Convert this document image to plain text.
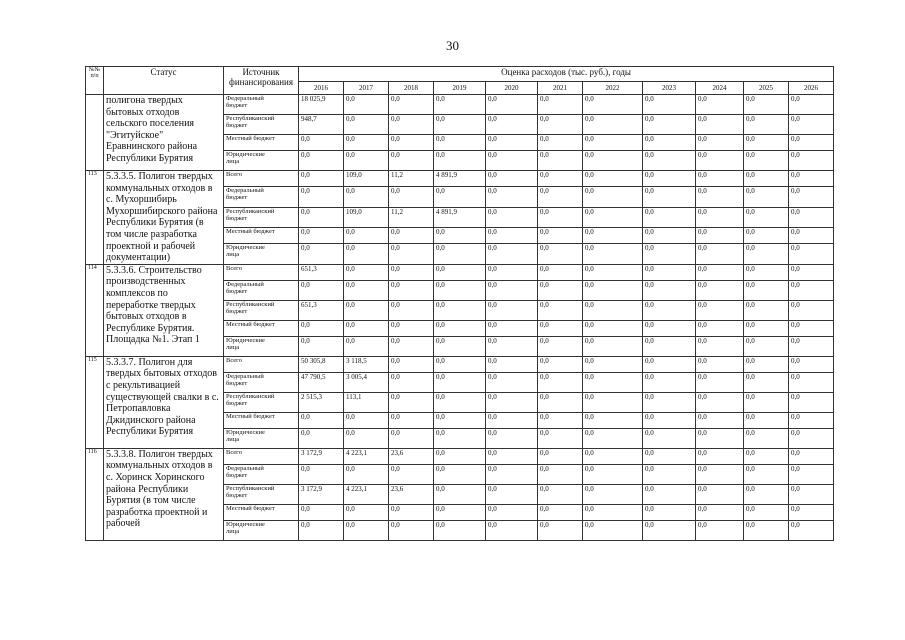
30
№№ п/п	Статус	Источник финансирования	Оценка расходов (тыс. руб.), годы										
			2016	2017	2018	2019	2020	2021	2022	2023	2024	2025	2026
	полигона твердых бытовых отходов сельского поселения "Эгитуйское" Еравнинского района Республики Бурятия	Федеральный
бюджет	18 025,9	0,0	0,0	0,0	0,0	0,0	0,0	0,0	0,0	0,0	0,0

		Республиканский
бюджет	948,7	0,0	0,0	0,0	0,0	0,0	0,0	0,0	0,0	0,0	0,0

		Местный бюджет	0,0	0,0	0,0	0,0	0,0	0,0	0,0	0,0	0,0	0,0	0,0

		Юридические
лица	0,0	0,0	0,0	0,0	0,0	0,0	0,0	0,0	0,0	0,0	0,0
113	5.3.3.5. Полигон твердых коммунальных отходов в с. Мухоршибирь Мухоршибирского района Республики Бурятия (в том числе разработка проектной и рабочей документации)	Всего	0,0	109,0	11,2	4 891,9	0,0	0,0	0,0	0,0	0,0	0,0	0,0

		Федеральный
бюджет	0,0	0,0	0,0	0,0	0,0	0,0	0,0	0,0	0,0	0,0	0,0

		Республиканский
бюджет	0,0	109,0	11,2	4 891,9	0,0	0,0	0,0	0,0	0,0	0,0	0,0

		Местный бюджет	0,0	0,0	0,0	0,0	0,0	0,0	0,0	0,0	0,0	0,0	0,0

		Юридические
лица	0,0	0,0	0,0	0,0	0,0	0,0	0,0	0,0	0,0	0,0	0,0
114	5.3.3.6. Строительство производственных комплексов по переработке твердых бытовых отходов в Республике Бурятия. Площадка №1. Этап 1	Всего	651,3	0,0	0,0	0,0	0,0	0,0	0,0	0,0	0,0	0,0	0,0

		Федеральный
бюджет	0,0	0,0	0,0	0,0	0,0	0,0	0,0	0,0	0,0	0,0	0,0

		Республиканский
бюджет	651,3	0,0	0,0	0,0	0,0	0,0	0,0	0,0	0,0	0,0	0,0

		Местный бюджет	0,0	0,0	0,0	0,0	0,0	0,0	0,0	0,0	0,0	0,0	0,0

		Юридические
лица	0,0	0,0	0,0	0,0	0,0	0,0	0,0	0,0	0,0	0,0	0,0
115	5.3.3.7. Полигон для твердых бытовых отходов с рекультивацией существующей свалки в с. Петропавловка Джидинского района Республики Бурятия	Всего	50 305,8	3 118,5	0,0	0,0	0,0	0,0	0,0	0,0	0,0	0,0	0,0

		Федеральный
бюджет	47 790,5	3 005,4	0,0	0,0	0,0	0,0	0,0	0,0	0,0	0,0	0,0

		Республиканский
бюджет	2 515,3	113,1	0,0	0,0	0,0	0,0	0,0	0,0	0,0	0,0	0,0

		Местный бюджет	0,0	0,0	0,0	0,0	0,0	0,0	0,0	0,0	0,0	0,0	0,0

		Юридические
лица	0,0	0,0	0,0	0,0	0,0	0,0	0,0	0,0	0,0	0,0	0,0
116	5.3.3.8. Полигон твердых коммунальных отходов в с. Хоринск Хоринского района Республики Бурятия (в том числе разработка проектной и рабочей	Всего	3 172,9	4 223,1	23,6	0,0	0,0	0,0	0,0	0,0	0,0	0,0	0,0

		Федеральный
бюджет	0,0	0,0	0,0	0,0	0,0	0,0	0,0	0,0	0,0	0,0	0,0

		Республиканский
бюджет	3 172,9	4 223,1	23,6	0,0	0,0	0,0	0,0	0,0	0,0	0,0	0,0

		Местный бюджет	0,0	0,0	0,0	0,0	0,0	0,0	0,0	0,0	0,0	0,0	0,0

		Юридические
лица	0,0	0,0	0,0	0,0	0,0	0,0	0,0	0,0	0,0	0,0	0,0
